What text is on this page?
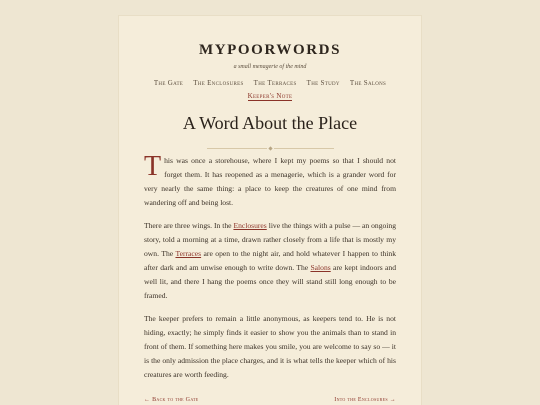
MYPOORWORDS
a small menagerie of the mind
The Gate The Enclosures The Terraces The Study The Salons
Keeper's Note
A Word About the Place

This was once a storehouse, where I kept my poems so that I should not forget them. It has reopened as a menagerie, which is a grander word for very nearly the same thing: a place to keep the creatures of one mind from wandering off and being lost.

There are three wings. In the Enclosures live the things with a pulse — an ongoing story, told a morning at a time, drawn rather closely from a life that is mostly my own. The Terraces are open to the night air, and hold whatever I happen to think after dark and am unwise enough to write down. The Salons are kept indoors and well lit, and there I hang the poems once they will stand still long enough to be framed.

The keeper prefers to remain a little anonymous, as keepers tend to. He is not hiding, exactly; he simply finds it easier to show you the animals than to stand in front of them. If something here makes you smile, you are welcome to say so — it is the only admission the place charges, and it is what tells the keeper which of his creatures are worth feeding.

← Back to the Gate	Into the Enclosures →
